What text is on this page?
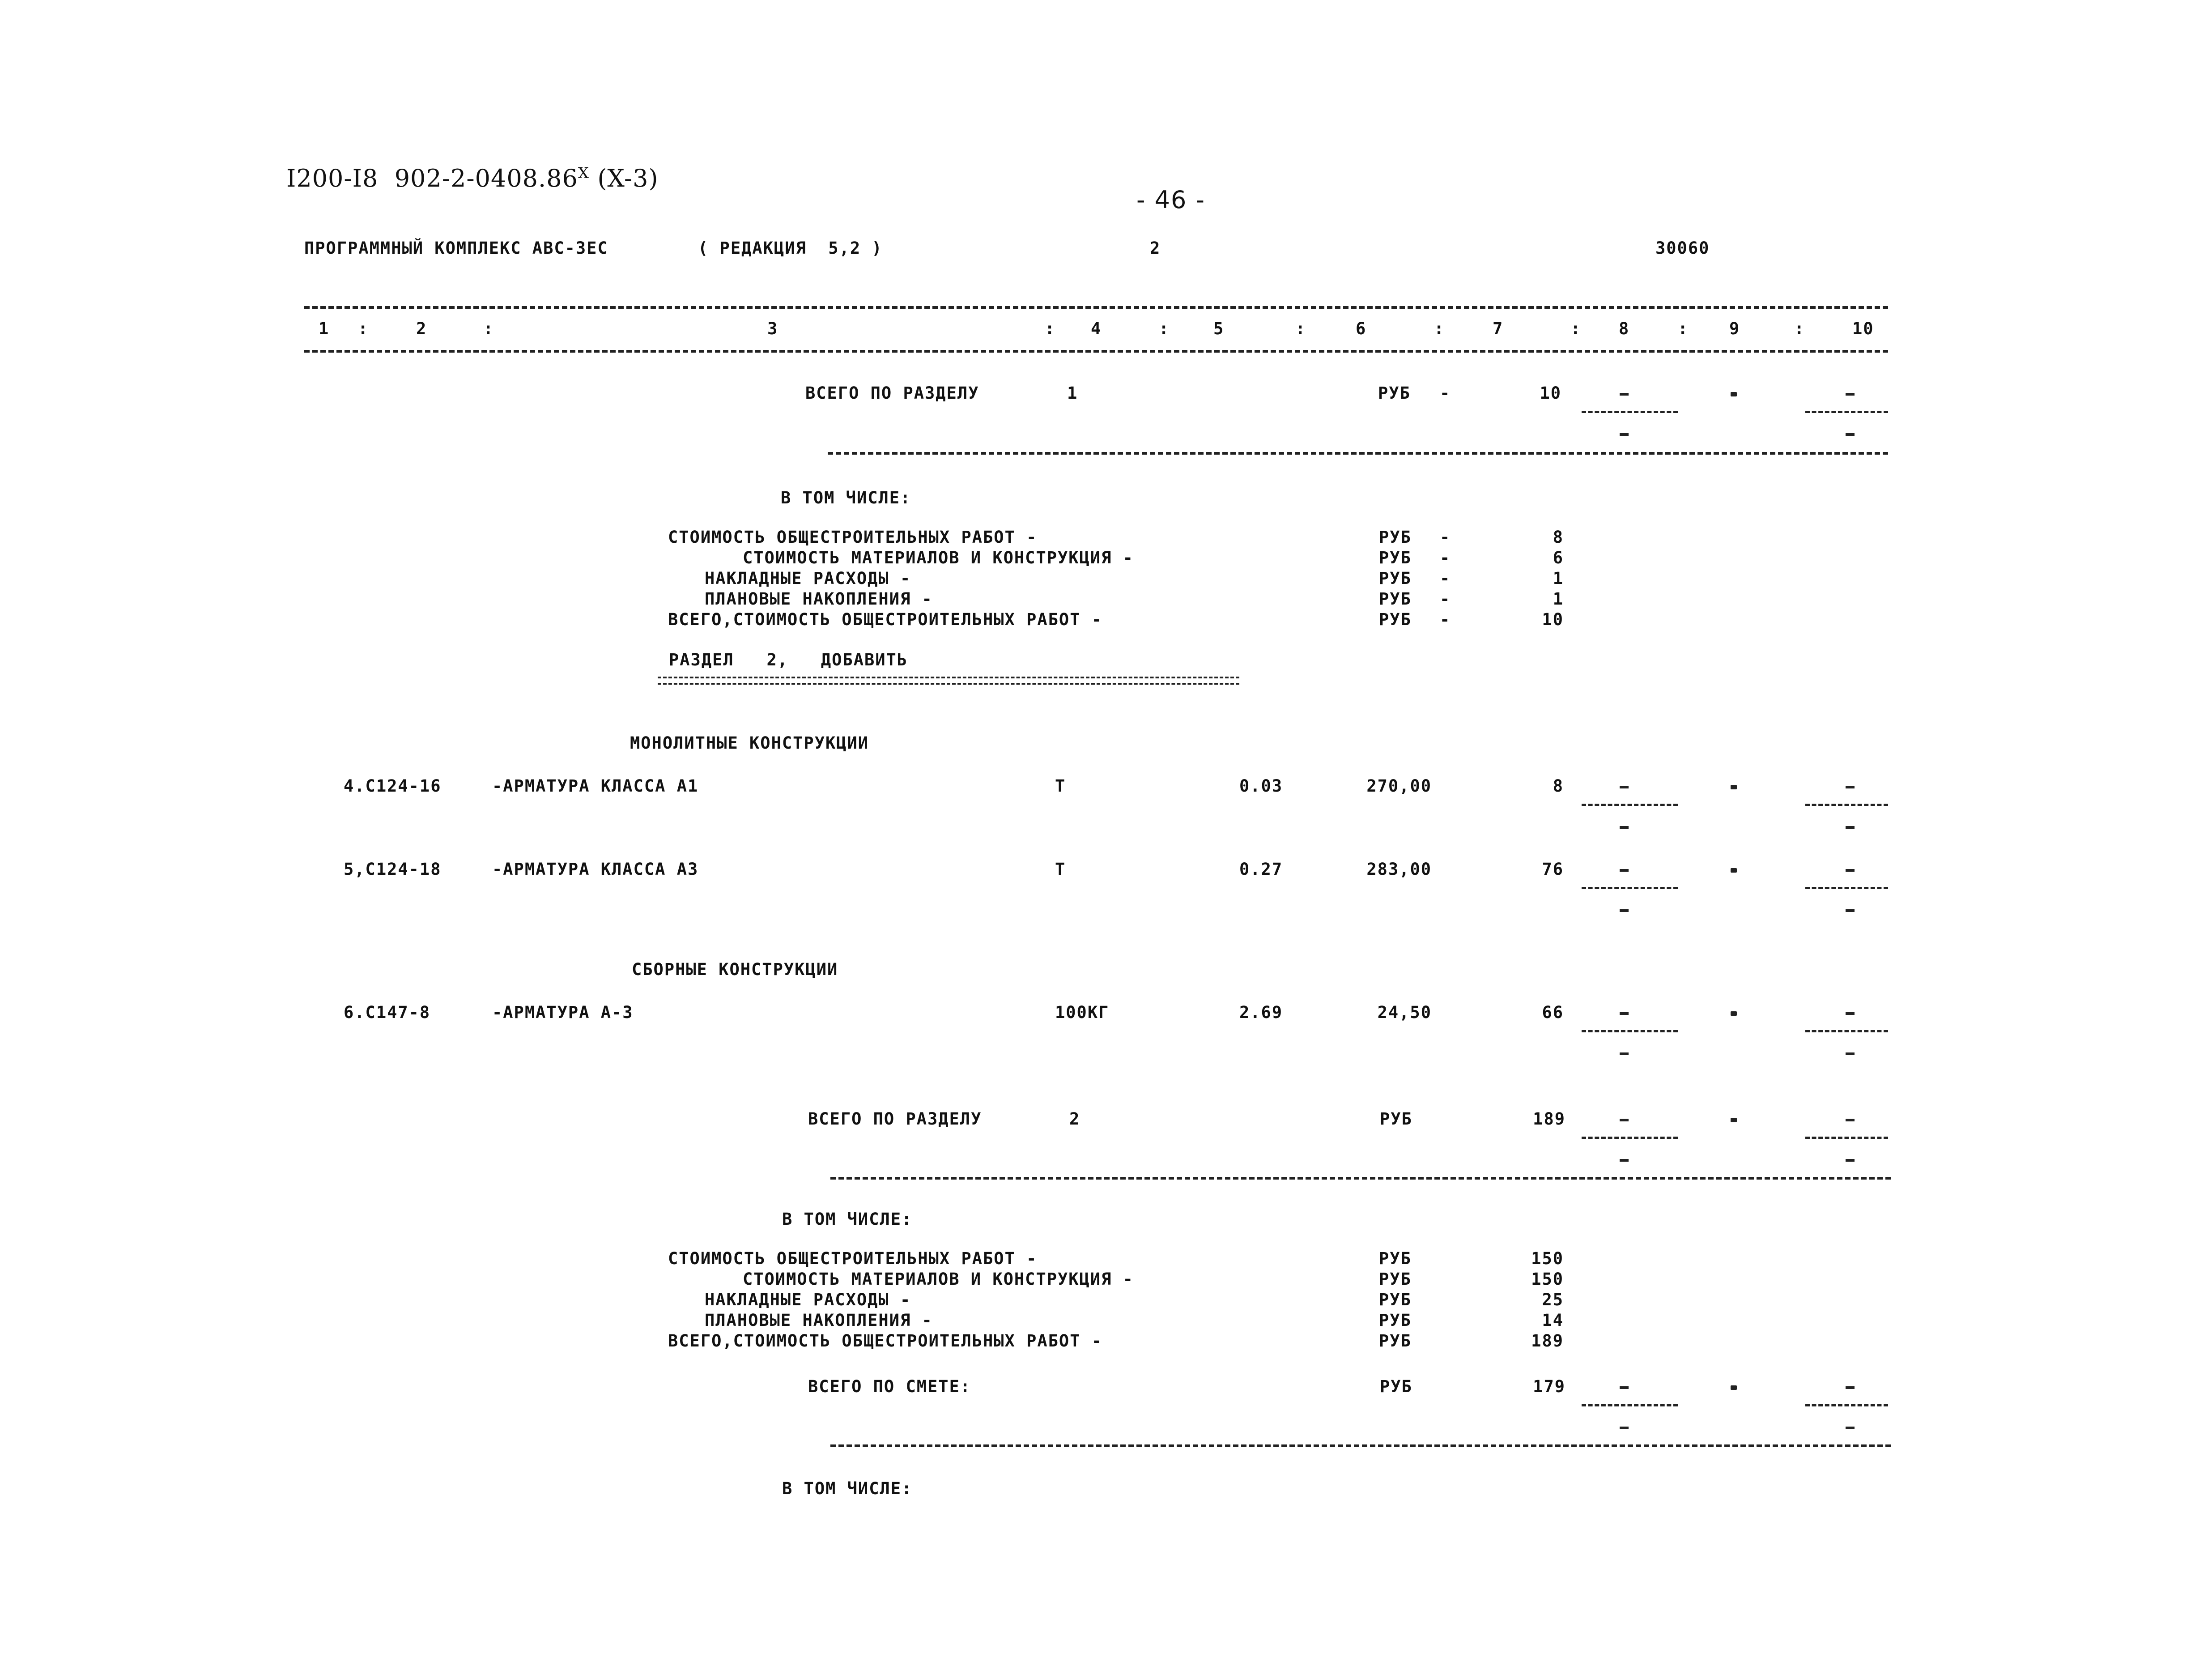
I200-I8 $902-2-0408.86^X$ (X-3)
- 46 -
ПРОГРАММНЫЙ КОМПЛЕКС АВС-ЗЕС	( РЕДАКЦИЯ  5,2 )	2	30060
1	2	3	4	5	6	7	8	9	10
:	:	:	:	:	:	:	:	:
ВСЕГО ПО РАЗДЕЛУ	1	РУБ -	10
В ТОМ ЧИСЛЕ:
СТОИМОСТЬ ОБЩЕСТРОИТЕЛЬНЫХ РАБОТ -	РУБ -	8
СТОИМОСТЬ МАТЕРИАЛОВ И КОНСТРУКЦИЯ -	РУБ -	6
НАКЛАДНЫЕ РАСХОДЫ -	РУБ -	1
ПЛАНОВЫЕ НАКОПЛЕНИЯ -	РУБ -	1
ВСЕГО,СТОИМОСТЬ ОБЩЕСТРОИТЕЛЬНЫХ РАБОТ -	РУБ -	10
РАЗДЕЛ   2,   ДОБАВИТЬ
МОНОЛИТНЫЕ КОНСТРУКЦИИ
4.С124-16	-АРМАТУРА КЛАССА А1	Т	0.03	270,00	8
5,С124-18	-АРМАТУРА КЛАССА А3	Т	0.27	283,00	76
СБОРНЫЕ КОНСТРУКЦИИ
6.С147-8	-АРМАТУРА А-3	100КГ	2.69	24,50	66
ВСЕГО ПО РАЗДЕЛУ	2	РУБ	189
В ТОМ ЧИСЛЕ:
СТОИМОСТЬ ОБЩЕСТРОИТЕЛЬНЫХ РАБОТ -	РУБ	150
СТОИМОСТЬ МАТЕРИАЛОВ И КОНСТРУКЦИЯ -	РУБ	150
НАКЛАДНЫЕ РАСХОДЫ -	РУБ	25
ПЛАНОВЫЕ НАКОПЛЕНИЯ -	РУБ	14
ВСЕГО,СТОИМОСТЬ ОБЩЕСТРОИТЕЛЬНЫХ РАБОТ -	РУБ	189
ВСЕГО ПО СМЕТЕ:	РУБ	179
В ТОМ ЧИСЛЕ:
